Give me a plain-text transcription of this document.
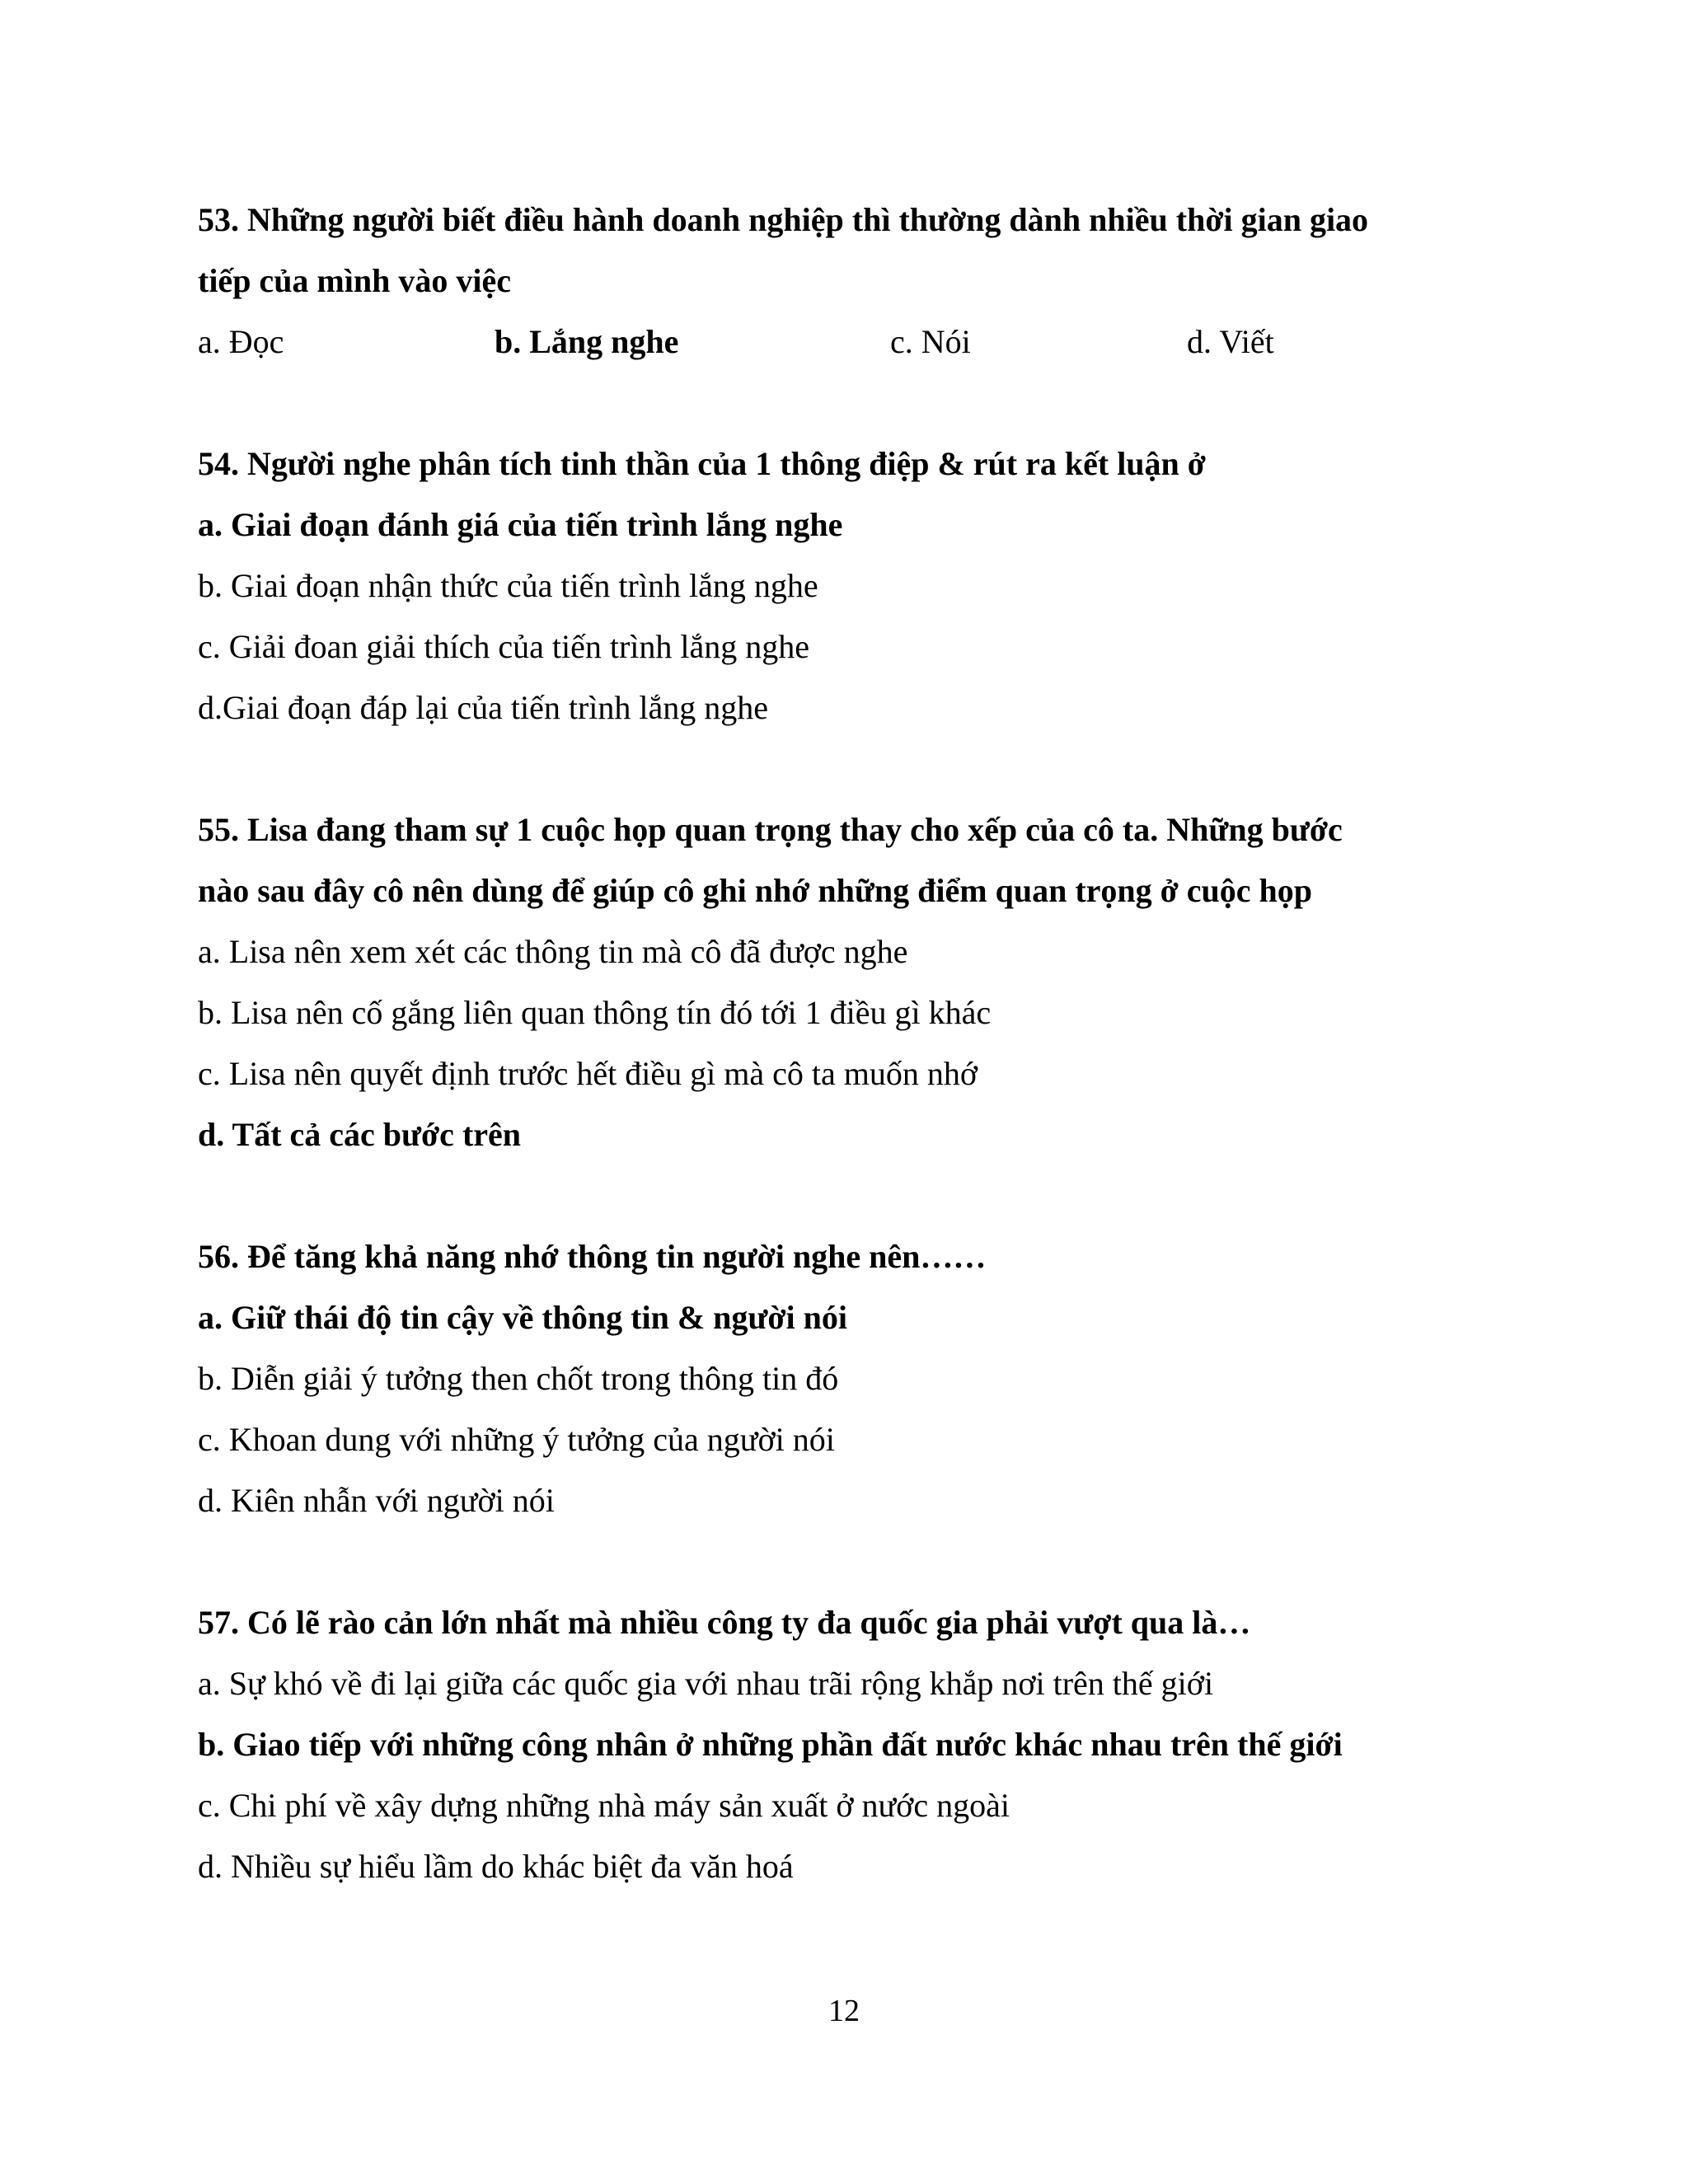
53. Những người biết điều hành doanh nghiệp thì thường dành nhiều thời gian giao
tiếp của mình vào việc
a. Đọc	b. Lắng nghe	c. Nói	d. Viết
54. Người nghe phân tích tinh thần của 1 thông điệp & rút ra kết luận ở
a. Giai đoạn đánh giá của tiến trình lắng nghe
b. Giai đoạn nhận thức của tiến trình lắng nghe
c. Giải đoan giải thích của tiến trình lắng nghe
d.Giai đoạn đáp lại của tiến trình lắng nghe
55. Lisa đang tham sự 1 cuộc họp quan trọng thay cho xếp của cô ta. Những bước
nào sau đây cô nên dùng để giúp cô ghi nhớ những điểm quan trọng ở cuộc họp
a. Lisa nên xem xét các thông tin mà cô đã được nghe
b. Lisa nên cố gắng liên quan thông tín đó tới 1 điều gì khác
c. Lisa nên quyết định trước hết điều gì mà cô ta muốn nhớ
d. Tất cả các bước trên
56. Để tăng khả năng nhớ thông tin người nghe nên……
a. Giữ thái độ tin cậy về thông tin & người nói
b. Diễn giải ý tưởng then chốt trong thông tin đó
c. Khoan dung với những ý tưởng của người nói
d. Kiên nhẫn với người nói
57. Có lẽ rào cản lớn nhất mà nhiều công ty đa quốc gia phải vượt qua là…
a. Sự khó về đi lại giữa các quốc gia với nhau trãi rộng khắp nơi trên thế giới
b. Giao tiếp với những công nhân ở những phần đất nước khác nhau trên thế giới
c. Chi phí về xây dựng những nhà máy sản xuất ở nước ngoài
d. Nhiều sự hiểu lầm do khác biệt đa văn hoá
12
